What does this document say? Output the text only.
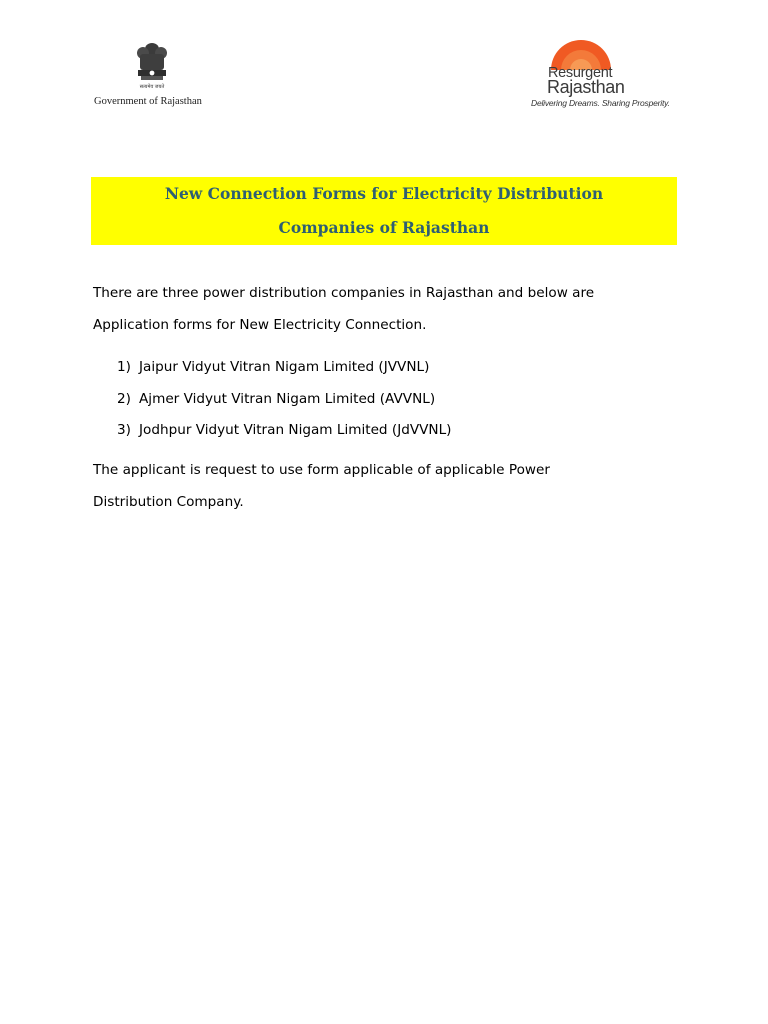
सत्यमेव जयते
Government of Rajasthan
Resurgent
Rajasthan
Delivering Dreams. Sharing Prosperity.
New Connection Forms for Electricity Distribution
Companies of Rajasthan
There are three power distribution companies in Rajasthan and below are
Application forms for New Electricity Connection.
1) Jaipur Vidyut Vitran Nigam Limited (JVVNL)
2) Ajmer Vidyut Vitran Nigam Limited (AVVNL)
3) Jodhpur Vidyut Vitran Nigam Limited (JdVVNL)
The applicant is request to use form applicable of applicable Power
Distribution Company.
